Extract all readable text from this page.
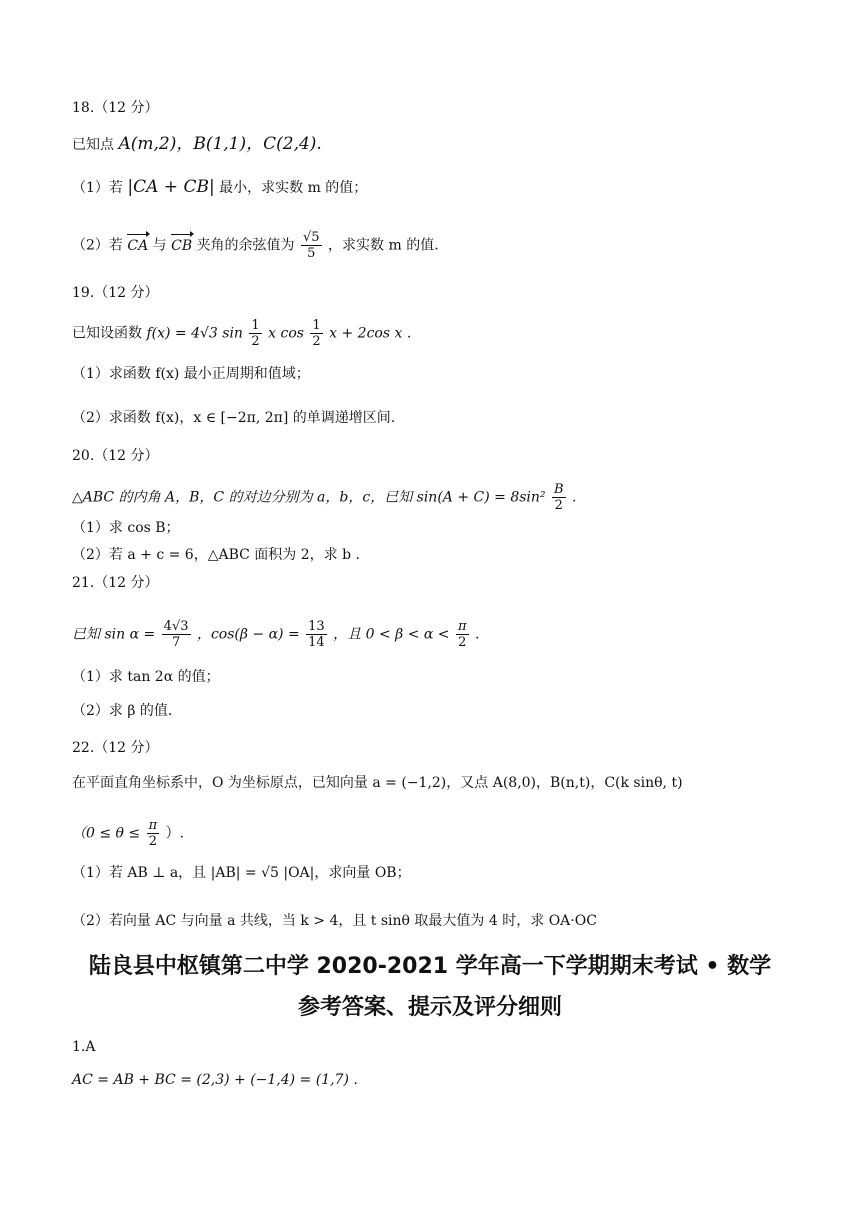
18.（12 分）
已知点 A(m,2)，B(1,1)，C(2,4).
（1）若 |CA + CB| 最小，求实数 m 的值；
（2）若 CA 与 CB 夹角的余弦值为 $\frac{√5}{5}$ ，求实数 m 的值.
19.（12 分）
已知设函数 f(x) = 4√3 $\sin \frac{1}{2}$ x $\cos \frac{1}{2}$ x + 2cos x .
（1）求函数 f(x) 最小正周期和值域；
（2）求函数 f(x)，x ∈ [−2π, 2π] 的单调递增区间.
20.（12 分）
△ABC 的内角 A，B，C 的对边分别为 a，b，c，已知 $\sin(A + C) = 8\sin^2 \frac{B}{2}$ .
（1）求 cos B；
（2）若 a + c = 6，△ABC 面积为 2，求 b .
21.（12 分）
已知 $\sin \alpha = \frac{4√3}{7}$ ，$\cos(\beta - \alpha) = \frac{13}{14}$ ，且 $0 < \beta < \alpha < \frac{\pi}{2}$ .
（1）求 tan 2α 的值；
（2）求 β 的值.
22.（12 分）
在平面直角坐标系中，O 为坐标原点，已知向量 a = (−1,2)，又点 A(8,0)，B(n,t)，C(k sinθ, t)
（$0 \le \theta \le \frac{\pi}{2}$ ）.
（1）若 AB ⊥ a，且 |AB| = √5 |OA|，求向量 OB；
（2）若向量 AC 与向量 a 共线，当 k > 4，且 t sinθ 取最大值为 4 时，求 OA·OC
陆良县中枢镇第二中学 2020-2021 学年高一下学期期末考试 • 数学
参考答案、提示及评分细则
1.A
AC = AB + BC = (2,3) + (−1,4) = (1,7) .
